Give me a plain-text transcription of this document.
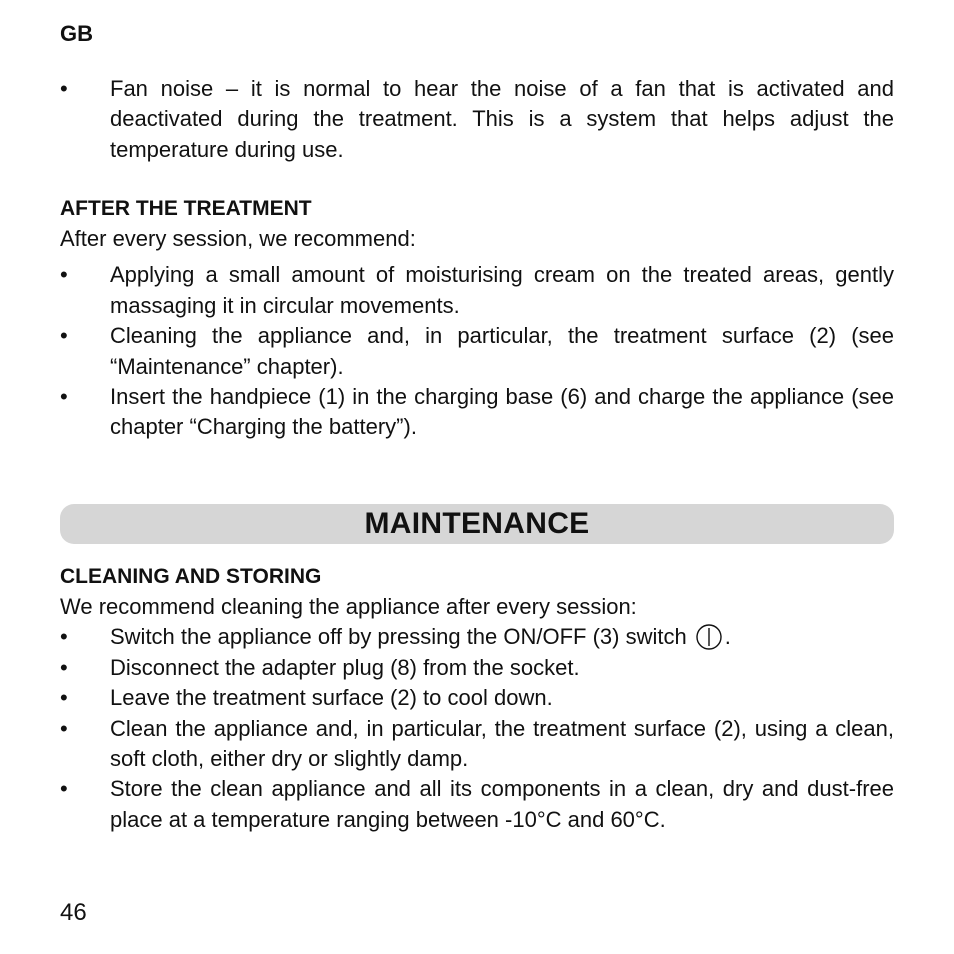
GB
•	Fan noise – it is normal to hear the noise of a fan that is activated and deactivated during the treatment. This is a system that helps adjust the temperature during use.

AFTER THE TREATMENT

After every session, we recommend:

•	Applying a small amount of moisturising cream on the treated areas, gently massaging it in circular movements.
•	Cleaning the appliance and, in particular, the treatment surface (2) (see “Maintenance” chapter).
•	Insert the handpiece (1) in the charging base (6) and charge the appliance (see chapter “Charging the battery”).
MAINTENANCE

CLEANING AND STORING

We recommend cleaning the appliance after every session:

•	Switch the appliance off by pressing the ON/OFF (3) switch .
•	Disconnect the adapter plug (8) from the socket.
•	Leave the treatment surface (2) to cool down.
•	Clean the appliance and, in particular, the treatment surface (2), using a clean, soft cloth, either dry or slightly damp.
•	Store the clean appliance and all its components in a clean, dry and dust-free place at a temperature ranging between -10°C and 60°C.
46
